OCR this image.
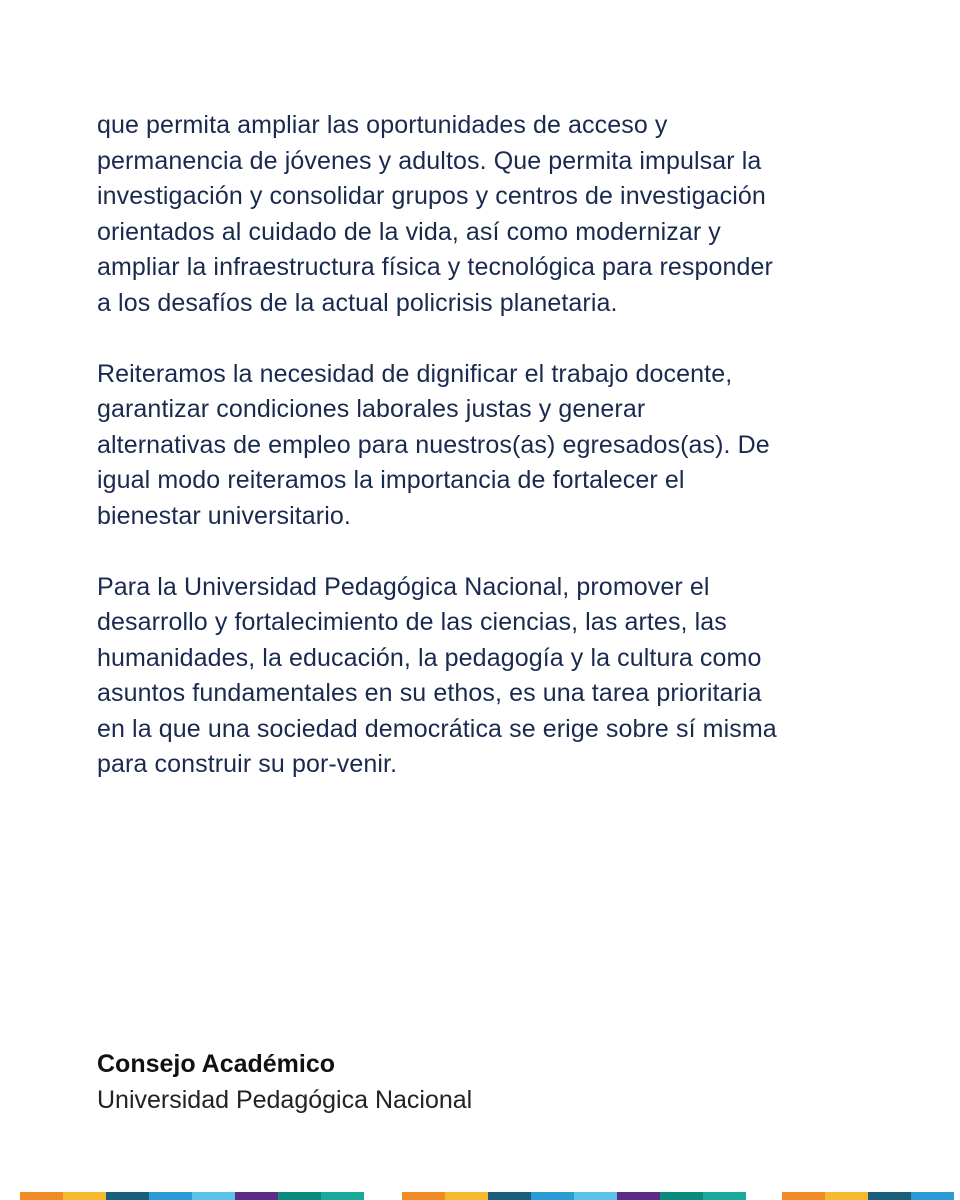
que permita ampliar las oportunidades de acceso y
permanencia de jóvenes y adultos. Que permita impulsar la
investigación y consolidar grupos y centros de investigación
orientados al cuidado de la vida, así como modernizar y
ampliar la infraestructura física y tecnológica para responder
a los desafíos de la actual policrisis planetaria.

Reiteramos la necesidad de dignificar el trabajo docente,
garantizar condiciones laborales justas y generar
alternativas de empleo para nuestros(as) egresados(as). De
igual modo reiteramos la importancia de fortalecer el
bienestar universitario.

Para la Universidad Pedagógica Nacional, promover el
desarrollo y fortalecimiento de las ciencias, las artes, las
humanidades, la educación, la pedagogía y la cultura como
asuntos fundamentales en su ethos, es una tarea prioritaria
en la que una sociedad democrática se erige sobre sí misma
para construir su por-venir.

Consejo Académico
Universidad Pedagógica Nacional
